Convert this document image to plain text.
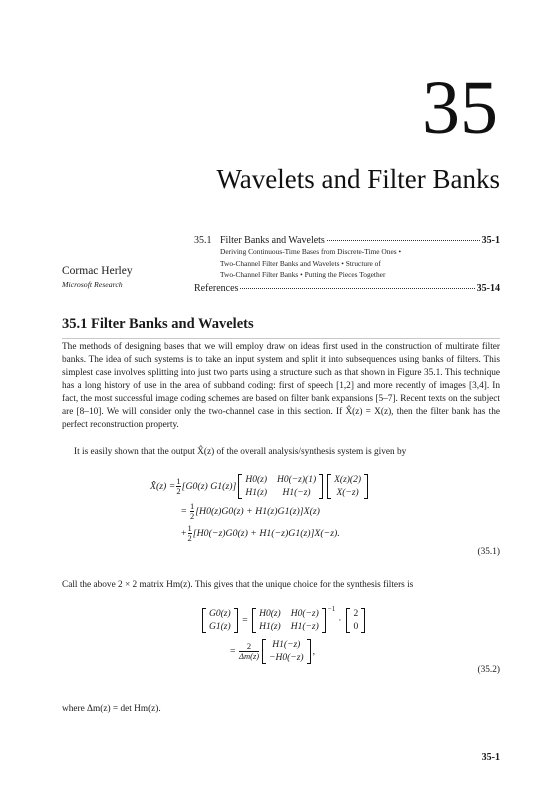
35
Wavelets and Filter Banks
35.1 Filter Banks and Wavelets	35-1
Deriving Continuous-Time Bases from Discrete-Time Ones •
Two-Channel Filter Banks and Wavelets • Structure of
Two-Channel Filter Banks • Putting the Pieces Together
References	35-14
Cormac Herley
Microsoft Research
35.1 Filter Banks and Wavelets
The methods of designing bases that we will employ draw on ideas first used in the construction of multirate filter banks. The idea of such systems is to take an input system and split it into subsequences using banks of filters. This simplest case involves splitting into just two parts using a structure such as that shown in Figure 35.1. This technique has a long history of use in the area of subband coding: first of speech [1,2] and more recently of images [3,4]. In fact, the most successful image coding schemes are based on filter bank expansions [5–7]. Recent texts on the subject are [8–10]. We will consider only the two-channel case in this section. If X̂(z) = X(z), then the filter bank has the perfect reconstruction property.
It is easily shown that the output X̂(z) of the overall analysis/synthesis system is given by
X̂(z) = $\frac{1}{2} [G0(z)$ G1(z)]
H0(z) H0(−z)(1)
H1(z)	H1(−z)
X(z)(2)
X(−z)
= $\frac{1}{2} [H0(z)G0(z) + H1(z)G1(z)]X(z)$
+ $\frac{1}{2} [H0(-z)G0(z) + H1(-z)G1(z)]X(-z)$.
(35.1)
Call the above 2 × 2 matrix Hm(z). This gives that the unique choice for the synthesis filters is
G0(z)
G1(z)
=
H0(z) H0(−z)
H1(z) H1(−z)
−1
·
2
0
= $\frac{2}{\Delta m(z)}$	H1(−z)
−H0(−z)
,
(35.2)
where Δm(z) = det Hm(z).
35-1
